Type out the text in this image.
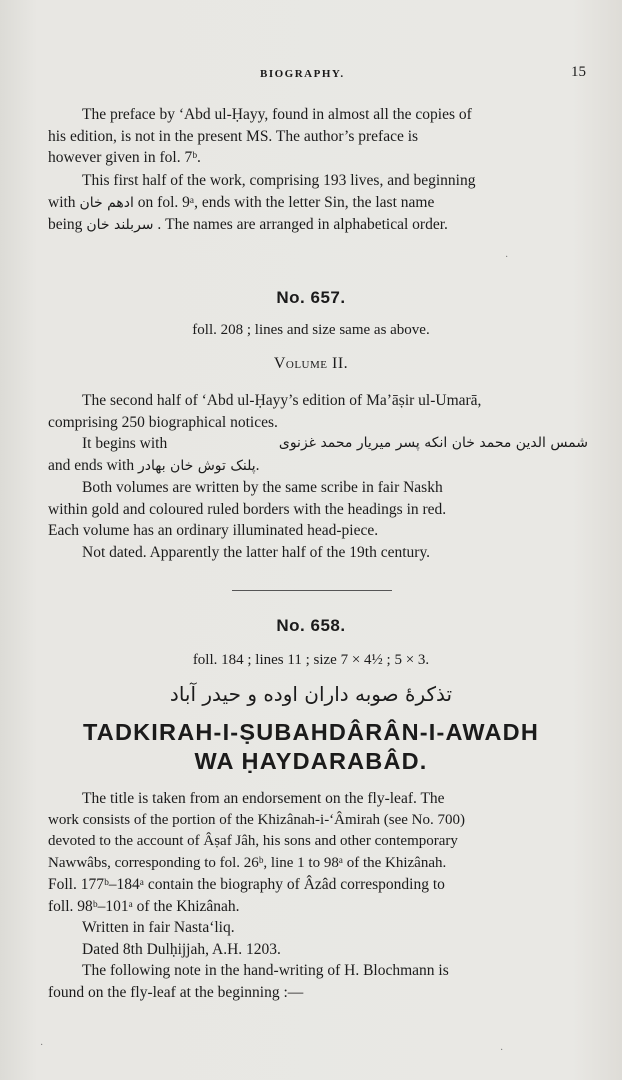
BIOGRAPHY.	15
The preface by ‘Abd ul-Ḥayy, found in almost all the copies of
his edition, is not in the present MS. The author’s preface is
however given in fol. 7ᵇ.
This first half of the work, comprising 193 lives, and beginning
with ادهم خان on fol. 9ᵃ, ends with the letter Sin, the last name
being سربلند خان . The names are arranged in alphabetical order.
·
No. 657.
foll. 208 ; lines and size same as above.
Volume II.
The second half of ‘Abd ul-Ḥayy’s edition of Ma’āṣir ul-Umarā,
comprising 250 biographical notices.
It begins with	شمس الدين محمد خان انكه پسر ميريار محمد غزنوى
and ends with پلنک توش خان بهادر.
Both volumes are written by the same scribe in fair Naskh
within gold and coloured ruled borders with the headings in red.
Each volume has an ordinary illuminated head-piece.
Not dated. Apparently the latter half of the 19th century.
No. 658.
foll. 184 ; lines 11 ; size 7 × 4½ ; 5 × 3.
تذكرهٔ صوبه داران اوده و حيدر آباد
TADKIRAH-I-ṢUBAHDÂRÂN-I-AWADH
WA ḤAYDARABÂD.
The title is taken from an endorsement on the fly-leaf. The
work consists of the portion of the Khizânah-i-‘Âmirah (see No. 700)
devoted to the account of Âṣaf Jâh, his sons and other contemporary
Nawwâbs, corresponding to fol. 26ᵇ, line 1 to 98ᵃ of the Khizânah.
Foll. 177ᵇ–184ᵃ contain the biography of Âzâd corresponding to
foll. 98ᵇ–101ᵃ of the Khizânah.
Written in fair Nasta‘liq.
Dated 8th Dulḥijjah, A.H. 1203.
The following note in the hand-writing of H. Blochmann is
found on the fly-leaf at the beginning :—
·	·
